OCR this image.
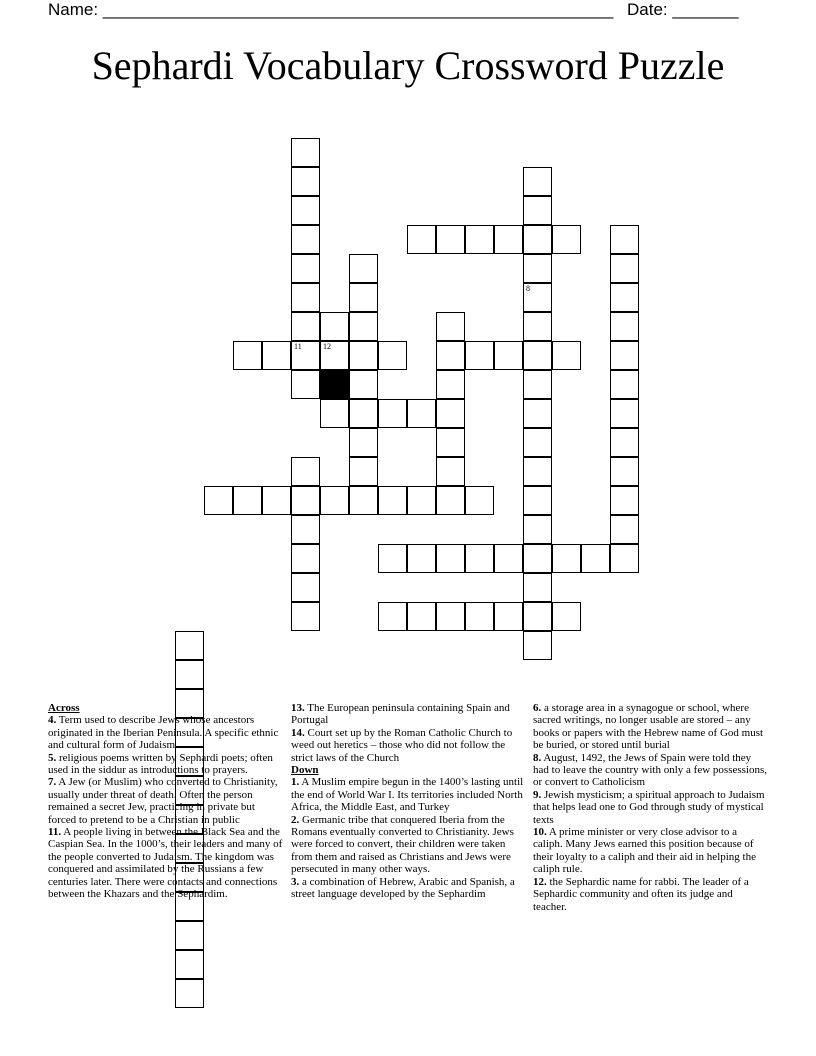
Name: ______________________________________________________ Date: _______
Sephardi Vocabulary Crossword Puzzle
11	12
8
Across
4. Term used to describe Jews whose ancestors originated in the Iberian Peninsula. A specific ethnic and cultural form of Judaism.
5. religious poems written by Sephardi poets; often used in the siddur as introductions to prayers.
7. A Jew (or Muslim) who converted to Christianity, usually under threat of death. Often the person remained a secret Jew, practicing in private but forced to pretend to be a Christian in public
11. A people living in between the Black Sea and the Caspian Sea. In the 1000’s, their leaders and many of the people converted to Judaism. The kingdom was conquered and assimilated by the Russians a few centuries later. There were contacts and connections between the Khazars and the Sephardim.
13. The European peninsula containing Spain and Portugal
14. Court set up by the Roman Catholic Church to weed out heretics – those who did not follow the strict laws of the Church
Down
1. A Muslim empire begun in the 1400’s lasting until the end of World War I. Its territories included North Africa, the Middle East, and Turkey
2. Germanic tribe that conquered Iberia from the Romans eventually converted to Christianity. Jews were forced to convert, their children were taken from them and raised as Christians and Jews were persecuted in many other ways.
3. a combination of Hebrew, Arabic and Spanish, a street language developed by the Sephardim
6. a storage area in a synagogue or school, where sacred writings, no longer usable are stored – any books or papers with the Hebrew name of God must be buried, or stored until burial
8. August, 1492, the Jews of Spain were told they had to leave the country with only a few possessions, or convert to Catholicism
9. Jewish mysticism; a spiritual approach to Judaism that helps lead one to God through study of mystical texts
10. A prime minister or very close advisor to a caliph. Many Jews earned this position because of their loyalty to a caliph and their aid in helping the caliph rule.
12. the Sephardic name for rabbi. The leader of a Sephardic community and often its judge and teacher.
